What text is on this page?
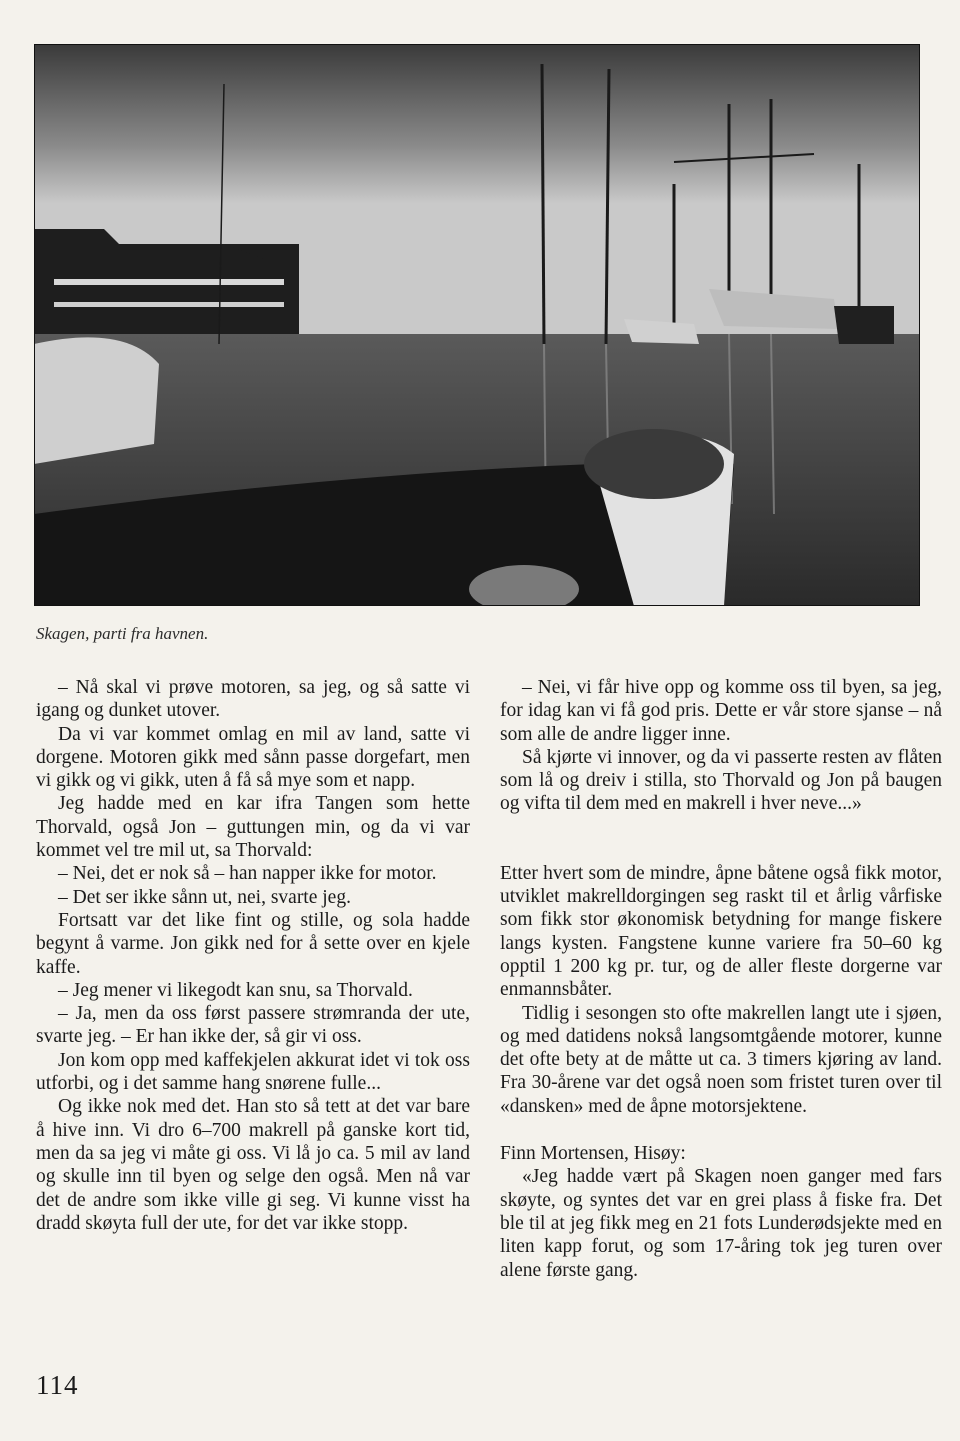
Skagen, parti fra havnen.

– Nå skal vi prøve motoren, sa jeg, og så satte vi igang og dunket utover.

Da vi var kommet omlag en mil av land, satte vi dorgene. Motoren gikk med sånn passe dorgefart, men vi gikk og vi gikk, uten å få så mye som et napp.

Jeg hadde med en kar ifra Tangen som hette Thorvald, også Jon – guttungen min, og da vi var kommet vel tre mil ut, sa Thorvald:

– Nei, det er nok så – han napper ikke for motor.

– Det ser ikke sånn ut, nei, svarte jeg.

Fortsatt var det like fint og stille, og sola hadde begynt å varme. Jon gikk ned for å sette over en kjele kaffe.

– Jeg mener vi likegodt kan snu, sa Thorvald.

– Ja, men da oss først passere strømranda der ute, svarte jeg. – Er han ikke der, så gir vi oss.

Jon kom opp med kaffekjelen akkurat idet vi tok oss utforbi, og i det samme hang snørene fulle...

Og ikke nok med det. Han sto så tett at det var bare å hive inn. Vi dro 6–700 makrell på ganske kort tid, men da sa jeg vi måte gi oss. Vi lå jo ca. 5 mil av land og skulle inn til byen og selge den også. Men nå var det de andre som ikke ville gi seg. Vi kunne visst ha dradd skøyta full der ute, for det var ikke stopp.

– Nei, vi får hive opp og komme oss til byen, sa jeg, for idag kan vi få god pris. Dette er vår store sjanse – nå som alle de andre ligger inne.

Så kjørte vi innover, og da vi passerte resten av flåten som lå og dreiv i stilla, sto Thorvald og Jon på baugen og vifta til dem med en makrell i hver neve...»

Etter hvert som de mindre, åpne båtene også fikk motor, utviklet makrelldorgingen seg raskt til et årlig vårfiske som fikk stor økonomisk betydning for mange fiskere langs kysten. Fangstene kunne variere fra 50–60 kg opptil 1 200 kg pr. tur, og de aller fleste dorgerne var enmannsbåter.

Tidlig i sesongen sto ofte makrellen langt ute i sjøen, og med datidens nokså langsomtgående motorer, kunne det ofte bety at de måtte ut ca. 3 timers kjøring av land. Fra 30-årene var det også noen som fristet turen over til «dansken» med de åpne motorsjektene.

Finn Mortensen, Hisøy:

«Jeg hadde vært på Skagen noen ganger med fars skøyte, og syntes det var en grei plass å fiske fra. Det ble til at jeg fikk meg en 21 fots Lunderødsjekte med en liten kapp forut, og som 17-åring tok jeg turen over alene første gang.

114
